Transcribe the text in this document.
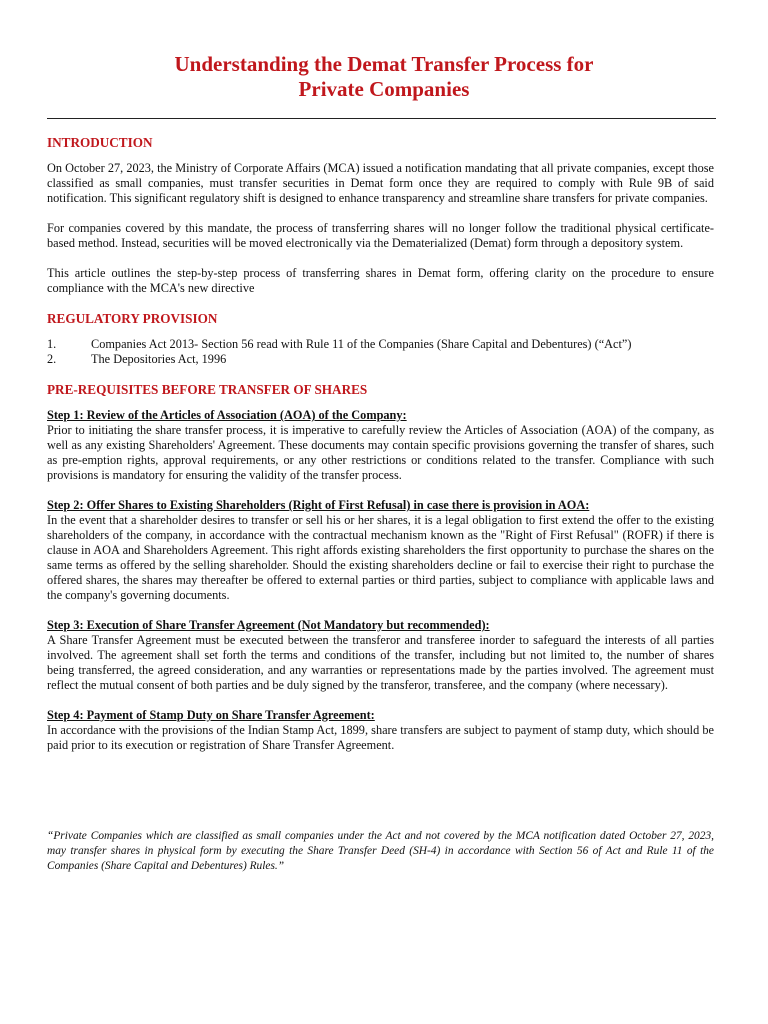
Understanding the Demat Transfer Process for
Private Companies
INTRODUCTION

On October 27, 2023, the Ministry of Corporate Affairs (MCA) issued a notification mandating that all private companies, except those classified as small companies, must transfer securities in Demat form once they are required to comply with Rule 9B of said notification. This significant regulatory shift is designed to enhance transparency and streamline share transfers for private companies.

For companies covered by this mandate, the process of transferring shares will no longer follow the traditional physical certificate-based method. Instead, securities will be moved electronically via the Dematerialized (Demat) form through a depository system.

This article outlines the step-by-step process of transferring shares in Demat form, offering clarity on the procedure to ensure compliance with the MCA's new directive

REGULATORY PROVISION
1.	Companies Act 2013- Section 56 read with Rule 11 of the Companies (Share Capital and Debentures) (“Act”)
2.	The Depositories Act, 1996
PRE-REQUISITES BEFORE TRANSFER OF SHARES

Step 1: Review of the Articles of Association (AOA) of the Company:

Prior to initiating the share transfer process, it is imperative to carefully review the Articles of Association (AOA) of the company, as well as any existing Shareholders' Agreement. These documents may contain specific provisions governing the transfer of shares, such as pre-emption rights, approval requirements, or any other restrictions or conditions related to the transfer. Compliance with such provisions is mandatory for ensuring the validity of the transfer process.

Step 2: Offer Shares to Existing Shareholders (Right of First Refusal) in case there is provision in AOA:

In the event that a shareholder desires to transfer or sell his or her shares, it is a legal obligation to first extend the offer to the existing shareholders of the company, in accordance with the contractual mechanism known as the "Right of First Refusal" (ROFR) if there is clause in AOA and Shareholders Agreement. This right affords existing shareholders the first opportunity to purchase the shares on the same terms as offered by the selling shareholder. Should the existing shareholders decline or fail to exercise their right to purchase the offered shares, the shares may thereafter be offered to external parties or third parties, subject to compliance with applicable laws and the company's governing documents.

Step 3: Execution of Share Transfer Agreement (Not Mandatory but recommended):

A Share Transfer Agreement must be executed between the transferor and transferee inorder to safeguard the interests of all parties involved. The agreement shall set forth the terms and conditions of the transfer, including but not limited to, the number of shares being transferred, the agreed consideration, and any warranties or representations made by the parties involved. The agreement must reflect the mutual consent of both parties and be duly signed by the transferor, transferee, and the company (where necessary).

Step 4: Payment of Stamp Duty on Share Transfer Agreement:

In accordance with the provisions of the Indian Stamp Act, 1899, share transfers are subject to payment of stamp duty, which should be paid prior to its execution or registration of Share Transfer Agreement.

“Private Companies which are classified as small companies under the Act and not covered by the MCA notification dated October 27, 2023, may transfer shares in physical form by executing the Share Transfer Deed (SH-4) in accordance with Section 56 of Act and Rule 11 of the Companies (Share Capital and Debentures) Rules.”
